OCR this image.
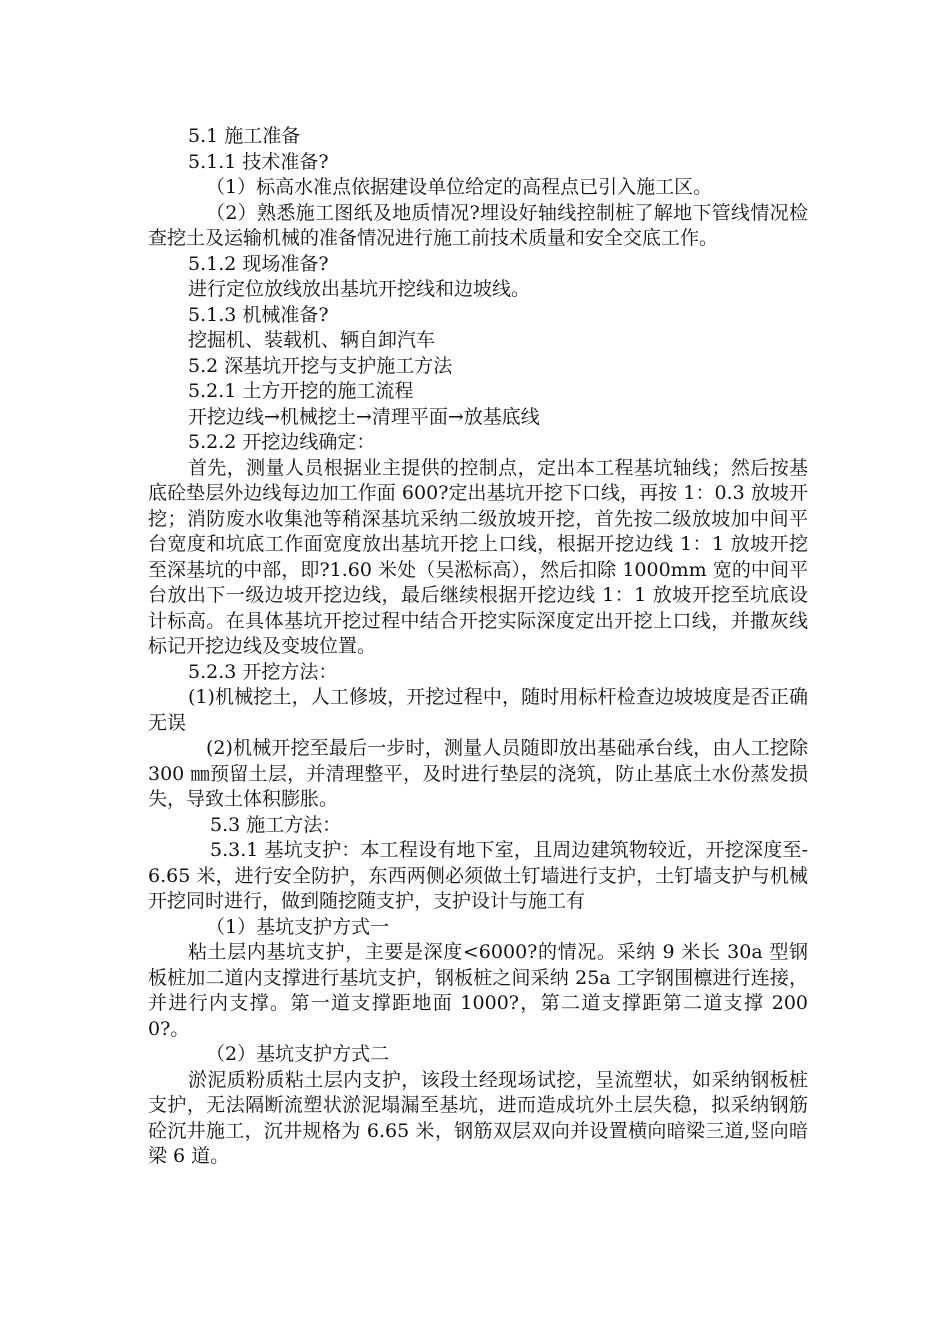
5.1 施工准备

5.1.1 技术准备?

（1）标高水准点依据建设单位给定的高程点已引入施工区。

（2）熟悉施工图纸及地质情况?埋设好轴线控制桩了解地下管线情况检查挖土及运输机械的准备情况进行施工前技术质量和安全交底工作。

5.1.2 现场准备?

进行定位放线放出基坑开挖线和边坡线。

5.1.3 机械准备?

挖掘机、装载机、辆自卸汽车

5.2 深基坑开挖与支护施工方法

5.2.1 土方开挖的施工流程

开挖边线→机械挖土→清理平面→放基底线

5.2.2 开挖边线确定：

首先，测量人员根据业主提供的控制点，定出本工程基坑轴线；然后按基底砼垫层外边线每边加工作面 600?定出基坑开挖下口线，再按 1：0.3 放坡开挖；消防废水收集池等稍深基坑采纳二级放坡开挖，首先按二级放坡加中间平台宽度和坑底工作面宽度放出基坑开挖上口线，根据开挖边线 1：1 放坡开挖至深基坑的中部，即?1.60 米处（吴淞标高），然后扣除 1000mm 宽的中间平台放出下一级边坡开挖边线，最后继续根据开挖边线 1：1 放坡开挖至坑底设计标高。在具体基坑开挖过程中结合开挖实际深度定出开挖上口线，并撒灰线标记开挖边线及变坡位置。

5.2.3 开挖方法：

(1)机械挖土，人工修坡，开挖过程中，随时用标杆检查边坡坡度是否正确无误

(2)机械开挖至最后一步时，测量人员随即放出基础承台线，由人工挖除 300 ㎜预留土层，并清理整平，及时进行垫层的浇筑，防止基底土水份蒸发损失，导致土体积膨胀。

5.3 施工方法：

5.3.1 基坑支护：本工程设有地下室，且周边建筑物较近，开挖深度至-6.65 米，进行安全防护，东西两侧必须做土钉墙进行支护，土钉墙支护与机械开挖同时进行，做到随挖随支护，支护设计与施工有

（1）基坑支护方式一

粘土层内基坑支护，主要是深度<6000?的情况。采纳 9 米长 30a 型钢板桩加二道内支撑进行基坑支护，钢板桩之间采纳 25a 工字钢围檩进行连接，并进行内支撑。第一道支撑距地面 1000?，第二道支撑距第二道支撑 2000?。

（2）基坑支护方式二

淤泥质粉质粘土层内支护，该段土经现场试挖，呈流塑状，如采纳钢板桩支护，无法隔断流塑状淤泥塌漏至基坑，进而造成坑外土层失稳，拟采纳钢筋砼沉井施工，沉井规格为 6.65 米，钢筋双层双向并设置横向暗梁三道,竖向暗梁 6 道。
